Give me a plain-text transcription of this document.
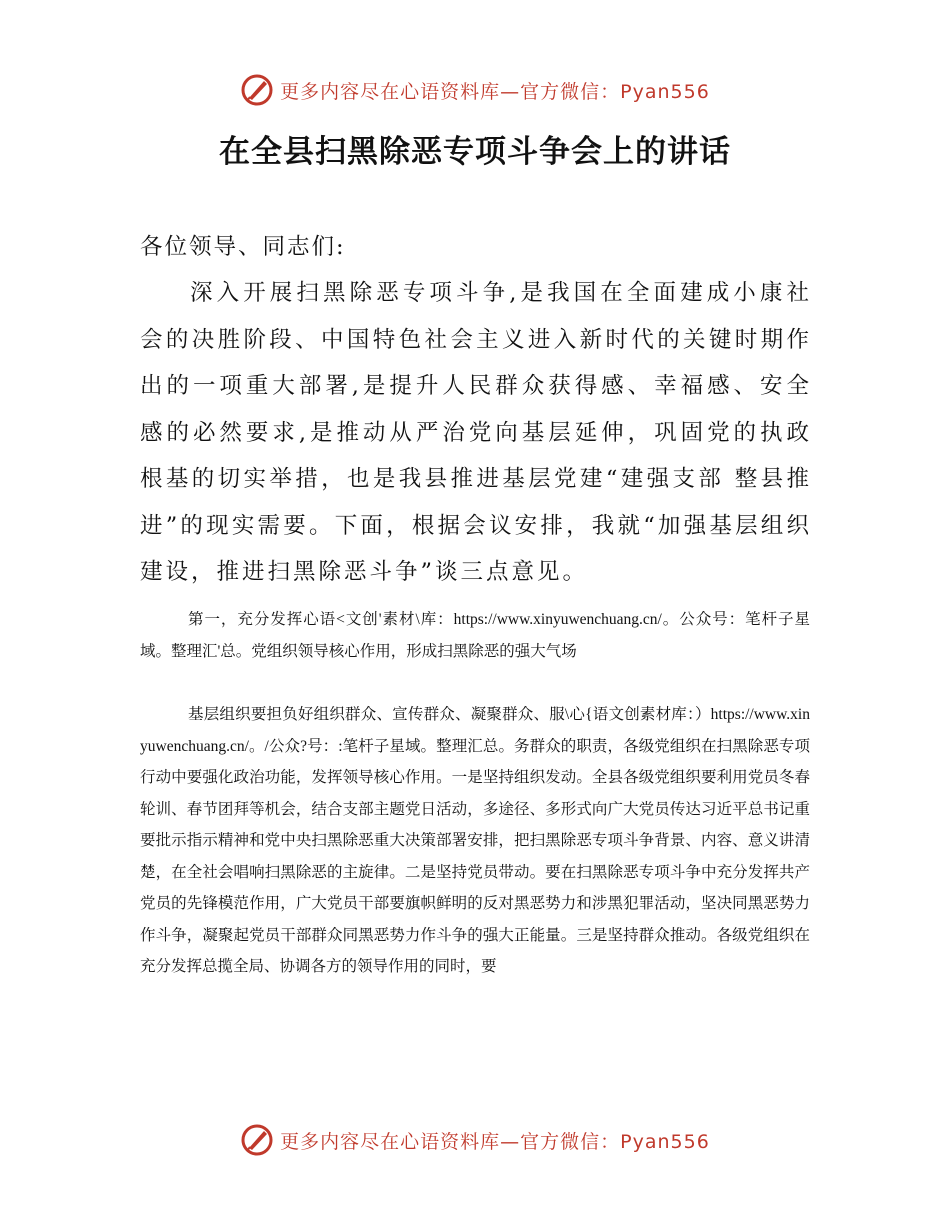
更多内容尽在心语资料库—官方微信：Pyan556
在全县扫黑除恶专项斗争会上的讲话

各位领导、同志们:

深入开展扫黑除恶专项斗争,是我国在全面建成小康社会的决胜阶段、中国特色社会主义进入新时代的关键时期作出的一项重大部署,是提升人民群众获得感、幸福感、安全感的必然要求,是推动从严治党向基层延伸，巩固党的执政根基的切实举措，也是我县推进基层党建“建强支部 整县推进”的现实需要。下面，根据会议安排，我就“加强基层组织建设，推进扫黑除恶斗争”谈三点意见。

第一，充分发挥心语<文创'素材\库：https://www.xinyuwenchuang.cn/。公众号：笔杆子星域。整理汇'总。党组织领导核心作用，形成扫黑除恶的强大气场

基层组织要担负好组织群众、宣传群众、凝聚群众、服\心{语文创素材库：）https://www.xinyuwenchuang.cn/。/公众?号：:笔杆子星域。整理汇总。务群众的职责，各级党组织在扫黑除恶专项行动中要强化政治功能，发挥领导核心作用。一是坚持组织发动。全县各级党组织要利用党员冬春轮训、春节团拜等机会，结合支部主题党日活动，多途径、多形式向广大党员传达习近平总书记重要批示指示精神和党中央扫黑除恶重大决策部署安排，把扫黑除恶专项斗争背景、内容、意义讲清楚，在全社会唱响扫黑除恶的主旋律。二是坚持党员带动。要在扫黑除恶专项斗争中充分发挥共产党员的先锋模范作用，广大党员干部要旗帜鲜明的反对黑恶势力和涉黑犯罪活动，坚决同黑恶势力作斗争，凝聚起党员干部群众同黑恶势力作斗争的强大正能量。三是坚持群众推动。各级党组织在充分发挥总揽全局、协调各方的领导作用的同时，要

更多内容尽在心语资料库—官方微信：Pyan556
